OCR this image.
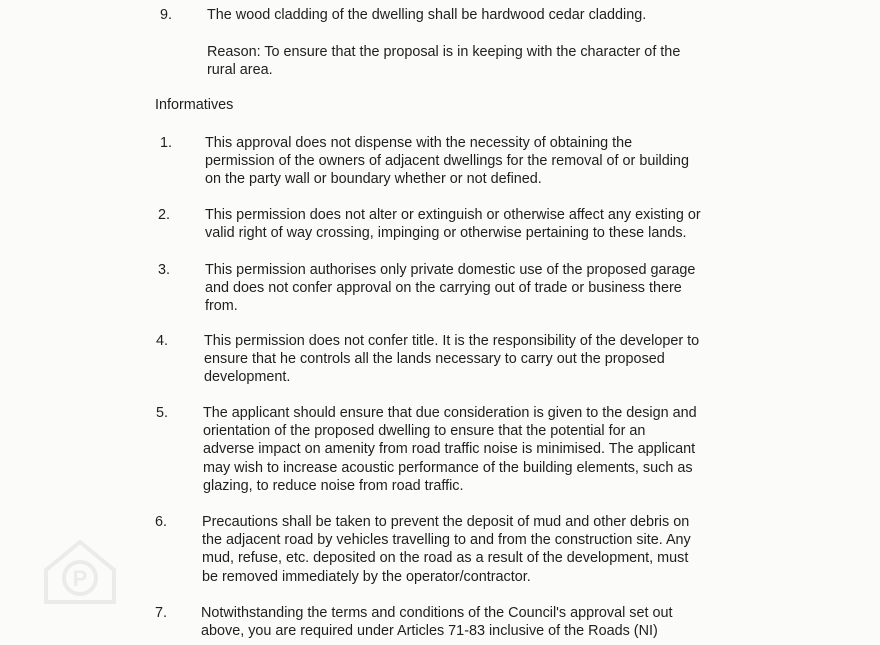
9. The wood cladding of the dwelling shall be hardwood cedar cladding.
Reason: To ensure that the proposal is in keeping with the character of the
rural area.
Informatives
1. This approval does not dispense with the necessity of obtaining the
permission of the owners of adjacent dwellings for the removal of or building
on the party wall or boundary whether or not defined.
2. This permission does not alter or extinguish or otherwise affect any existing or
valid right of way crossing, impinging or otherwise pertaining to these lands.
3. This permission authorises only private domestic use of the proposed garage
and does not confer approval on the carrying out of trade or business there
from.
4. This permission does not confer title. It is the responsibility of the developer to
ensure that he controls all the lands necessary to carry out the proposed
development.
5. The applicant should ensure that due consideration is given to the design and
orientation of the proposed dwelling to ensure that the potential for an
adverse impact on amenity from road traffic noise is minimised. The applicant
may wish to increase acoustic performance of the building elements, such as
glazing, to reduce noise from road traffic.
6. Precautions shall be taken to prevent the deposit of mud and other debris on
the adjacent road by vehicles travelling to and from the construction site. Any
mud, refuse, etc. deposited on the road as a result of the development, must
be removed immediately by the operator/contractor.
7. Notwithstanding the terms and conditions of the Council's approval set out
above, you are required under Articles 71-83 inclusive of the Roads (NI)
P
